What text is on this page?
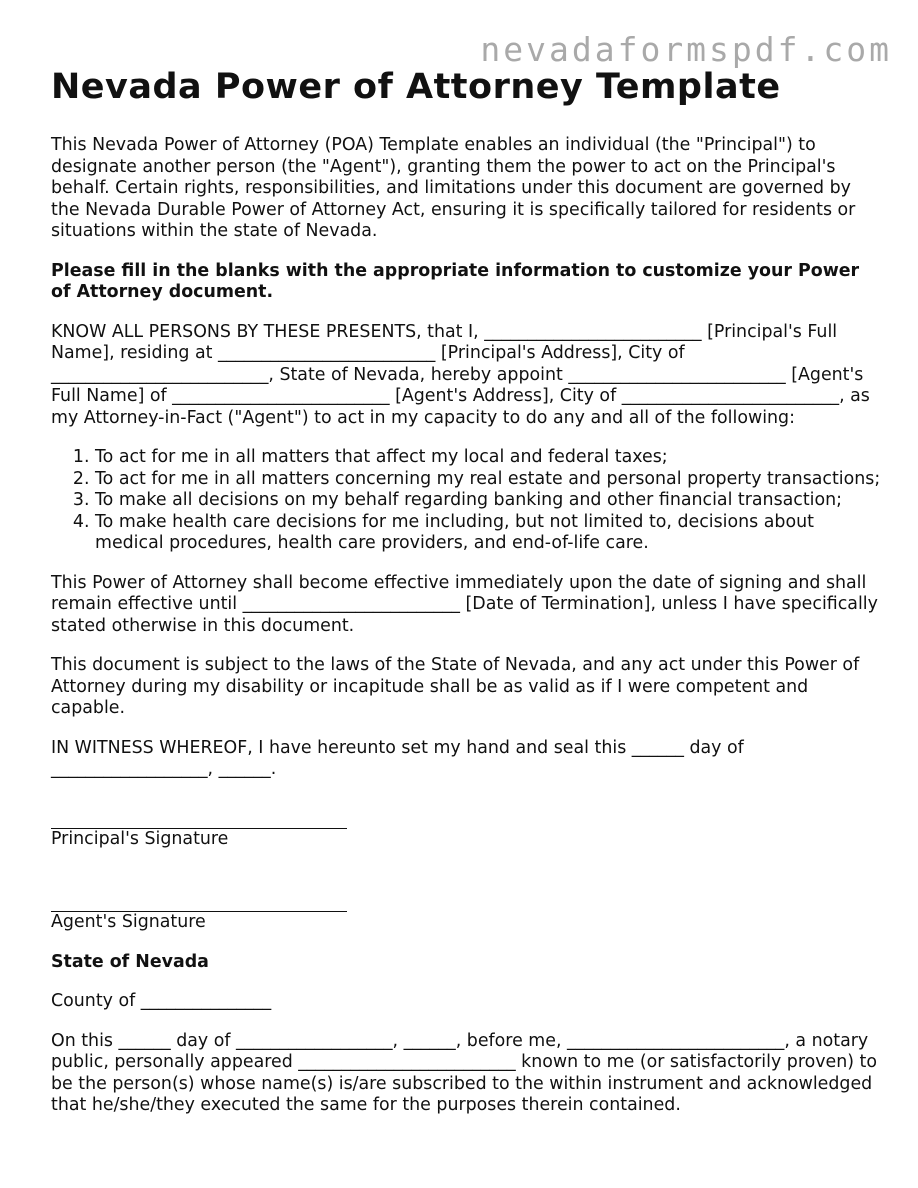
nevadaformspdf.com
Nevada Power of Attorney Template

This Nevada Power of Attorney (POA) Template enables an individual (the "Principal") to designate another person (the "Agent"), granting them the power to act on the Principal's behalf. Certain rights, responsibilities, and limitations under this document are governed by the Nevada Durable Power of Attorney Act, ensuring it is specifically tailored for residents or situations within the state of Nevada.

Please fill in the blanks with the appropriate information to customize your Power of Attorney document.

KNOW ALL PERSONS BY THESE PRESENTS, that I, _________________________ [Principal's Full Name], residing at _________________________ [Principal's Address], City of _________________________, State of Nevada, hereby appoint _________________________ [Agent's Full Name] of _________________________ [Agent's Address], City of _________________________, as my Attorney-in-Fact ("Agent") to act in my capacity to do any and all of the following:

1. To act for me in all matters that affect my local and federal taxes;
2. To act for me in all matters concerning my real estate and personal property transactions;
3. To make all decisions on my behalf regarding banking and other financial transaction;
4. To make health care decisions for me including, but not limited to, decisions about medical procedures, health care providers, and end-of-life care.

This Power of Attorney shall become effective immediately upon the date of signing and shall remain effective until _________________________ [Date of Termination], unless I have specifically stated otherwise in this document.

This document is subject to the laws of the State of Nevada, and any act under this Power of Attorney during my disability or incapitude shall be as valid as if I were competent and capable.

IN WITNESS WHEREOF, I have hereunto set my hand and seal this ______ day of __________________, ______.

Principal's Signature
Agent's Signature

State of Nevada

County of _______________

On this ______ day of __________________, ______, before me, _________________________, a notary public, personally appeared _________________________ known to me (or satisfactorily proven) to be the person(s) whose name(s) is/are subscribed to the within instrument and acknowledged that he/she/they executed the same for the purposes therein contained.
